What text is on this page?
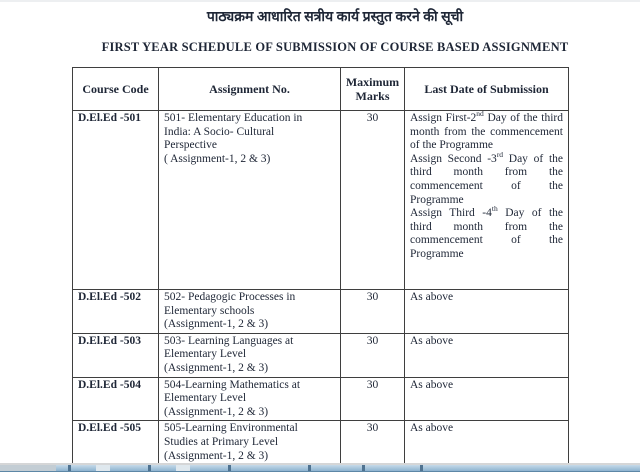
पाठ्यक्रम आधारित सत्रीय कार्य प्रस्तुत करने की सूची
FIRST YEAR SCHEDULE OF SUBMISSION OF COURSE BASED ASSIGNMENT
Course Code	Assignment No.	Maximum Marks	Last Date of Submission
D.El.Ed -501	501- Elementary Education in
India: A Socio- Cultural
Perspective
( Assignment-1, 2 & 3)
	30	Assign First-2nd Day of the third month from the commencement of the Programme

Assign Second -3rd Day of the third month from the commencement of the Programme

Assign Third -4th Day of the third month from the commencement of the Programme

D.El.Ed -502	502- Pedagogic Processes in
Elementary schools
(Assignment-1, 2 & 3)	30	As above
D.El.Ed -503	503- Learning Languages at
Elementary Level
(Assignment-1, 2 & 3)	30	As above
D.El.Ed -504	504-Learning Mathematics at
Elementary Level
(Assignment-1, 2 & 3)	30	As above
D.El.Ed -505	505-Learning Environmental
Studies at Primary Level
(Assignment-1, 2 & 3)	30	As above
